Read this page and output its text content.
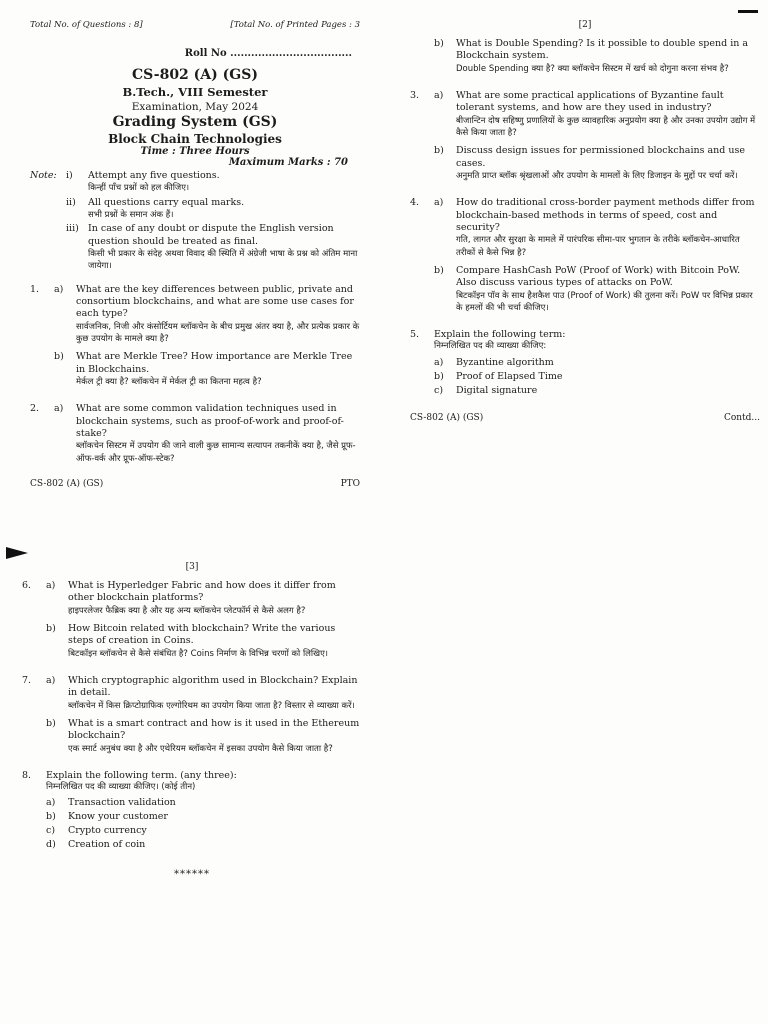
Total No. of Questions : 8]	[Total No. of Printed Pages : 3
Roll No ...................................
CS-802 (A) (GS)
B.Tech., VIII Semester
Examination, May 2024
Grading System (GS)
Block Chain Technologies
Time : Three Hours
Maximum Marks : 70
Note: i)	Attempt any five questions.
किन्हीं पाँच प्रश्नों को हल कीजिए।
ii)	All questions carry equal marks.
सभी प्रश्नों के समान अंक हैं।
iii) In case of any doubt or dispute the English version question should be treated as final.
किसी भी प्रकार के संदेह अथवा विवाद की स्थिति में अंग्रेजी भाषा के प्रश्न को अंतिम माना जायेगा।
1.	a)	What are the key differences between public, private and consortium blockchains, and what are some use cases for each type?
सार्वजनिक, निजी और कंसोर्टियम ब्लॉकचेन के बीच प्रमुख अंतर क्या है, और प्रत्येक प्रकार के कुछ उपयोग के मामले क्या है?
b)	What are Merkle Tree? How importance are Merkle Tree in Blockchains.
मेर्कल ट्री क्या है? ब्लॉकचेन में मेर्कल ट्री का कितना महत्व है?
2.	a)	What are some common validation techniques used in blockchain systems, such as proof-of-work and proof-of-stake?
ब्लॉकचेन सिस्टम में उपयोग की जाने वाली कुछ सामान्य सत्यापन तकनीकें क्या है, जैसे प्रूफ-ऑफ-वर्क और प्रूफ-ऑफ-स्टेक?
CS-802 (A) (GS)	PTO
[2]
b)	What is Double Spending? Is it possible to double spend in a Blockchain system.
Double Spending क्या है? क्या ब्लॉकचेन सिस्टम में खर्च को दोगुना करना संभव है?
3.	a)	What are some practical applications of Byzantine fault tolerant systems, and how are they used in industry?
बीजान्टिन दोष सहिष्णु प्रणालियों के कुछ व्यावहारिक अनुप्रयोग क्या है और उनका उपयोग उद्योग में कैसे किया जाता है?
b)	Discuss design issues for permissioned blockchains and use cases.
अनुमति प्राप्त ब्लॉक श्रृंखलाओं और उपयोग के मामलों के लिए डिजाइन के मुद्दों पर चर्चा करें।
4.	a)	How do traditional cross-border payment methods differ from blockchain-based methods in terms of speed, cost and security?
गति, लागत और सुरक्षा के मामले में पारंपरिक सीमा-पार भुगतान के तरीके ब्लॉकचेन-आधारित तरीकों से कैसे भिन्न है?
b)	Compare HashCash PoW (Proof of Work) with Bitcoin PoW. Also discuss various types of attacks on PoW.
बिटकॉइन पॉव के साथ हैशकैश पाउ (Proof of Work) की तुलना करें। PoW पर विभिन्न प्रकार के हमलों की भी चर्चा कीजिए।
5.	Explain the following term:
निम्नलिखित पद की व्याख्या कीजिए:
a)	Byzantine algorithm
b)	Proof of Elapsed Time
c)	Digital signature
CS-802 (A) (GS)	Contd...
[3]
6.	a)	What is Hyperledger Fabric and how does it differ from other blockchain platforms?
हाइपरलेजर फैब्रिक क्या है और यह अन्य ब्लॉकचेन प्लेटफॉर्म से कैसे अलग है?
b)	How Bitcoin related with blockchain? Write the various steps of creation in Coins.
बिटकॉइन ब्लॉकचेन से कैसे संबंधित है? Coins निर्माण के विभिन्न चरणों को लिखिए।
7.	a)	Which cryptographic algorithm used in Blockchain? Explain in detail.
ब्लॉकचेन में किस क्रिप्टोग्राफिक एल्गोरिथम का उपयोग किया जाता है? विस्तार से व्याख्या करें।
b)	What is a smart contract and how is it used in the Ethereum blockchain?
एक स्मार्ट अनुबंध क्या है और एथेरियम ब्लॉकचेन में इसका उपयोग कैसे किया जाता है?
8.	Explain the following term. (any three):
निम्नलिखित पद की व्याख्या कीजिए। (कोई तीन)
a)	Transaction validation
b)	Know your customer
c)	Crypto currency
d)	Creation of coin
******
